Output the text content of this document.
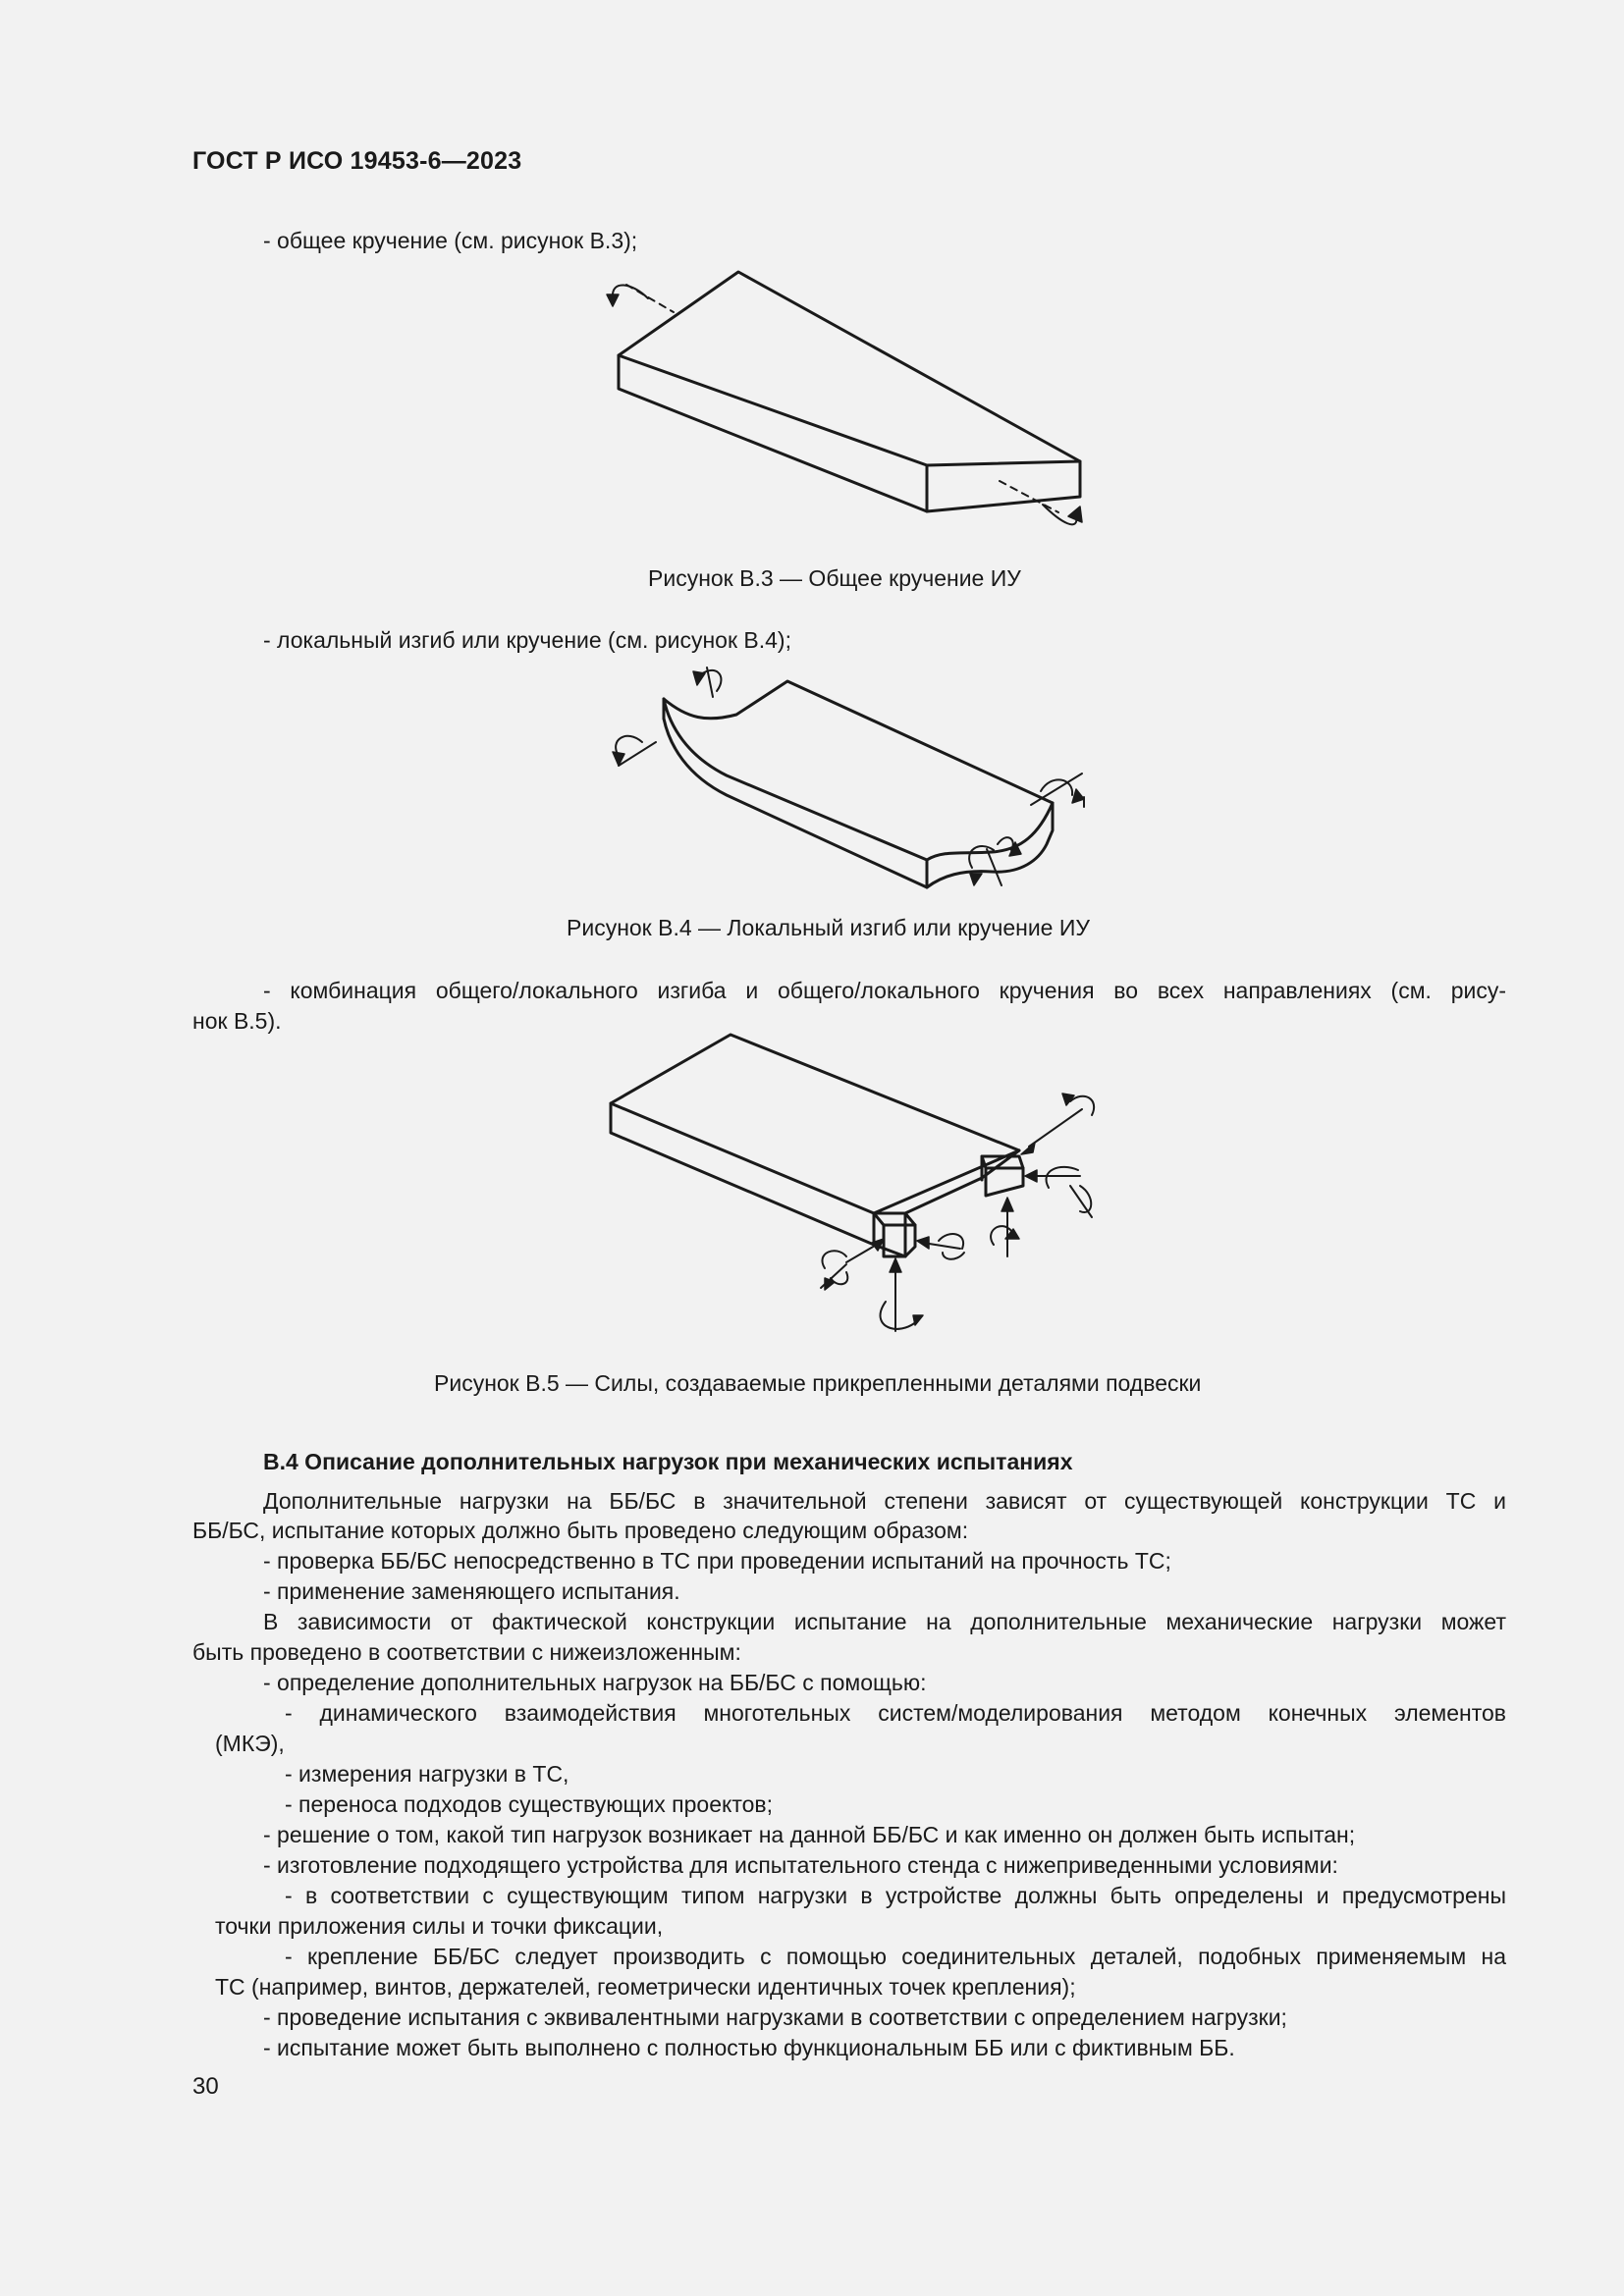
ГОСТ Р ИСО 19453-6—2023
- общее кручение (см. рисунок B.3);
Рисунок B.3 — Общее кручение ИУ
- локальный изгиб или кручение (см. рисунок B.4);
Рисунок B.4 — Локальный изгиб или кручение ИУ
- комбинация общего/локального изгиба и общего/локального кручения во всех направлениях (см. рису-
нок B.5).
Рисунок B.5 — Силы, создаваемые прикрепленными деталями подвески
B.4 Описание дополнительных нагрузок при механических испытаниях
Дополнительные нагрузки на ББ/БС в значительной степени зависят от существующей конструкции ТС и
ББ/БС, испытание которых должно быть проведено следующим образом:
- проверка ББ/БС непосредственно в ТС при проведении испытаний на прочность ТС;
- применение заменяющего испытания.
В зависимости от фактической конструкции испытание на дополнительные механические нагрузки может
быть проведено в соответствии с нижеизложенным:
- определение дополнительных нагрузок на ББ/БС с помощью:
- динамического взаимодействия многотельных систем/моделирования методом конечных элементов
(МКЭ),
- измерения нагрузки в ТС,
- переноса подходов существующих проектов;
- решение о том, какой тип нагрузок возникает на данной ББ/БС и как именно он должен быть испытан;
- изготовление подходящего устройства для испытательного стенда с нижеприведенными условиями:
- в соответствии с существующим типом нагрузки в устройстве должны быть определены и предусмотрены
точки приложения силы и точки фиксации,
- крепление ББ/БС следует производить с помощью соединительных деталей, подобных применяемым на
ТС (например, винтов, держателей, геометрически идентичных точек крепления);
- проведение испытания с эквивалентными нагрузками в соответствии с определением нагрузки;
- испытание может быть выполнено с полностью функциональным ББ или с фиктивным ББ.
30
